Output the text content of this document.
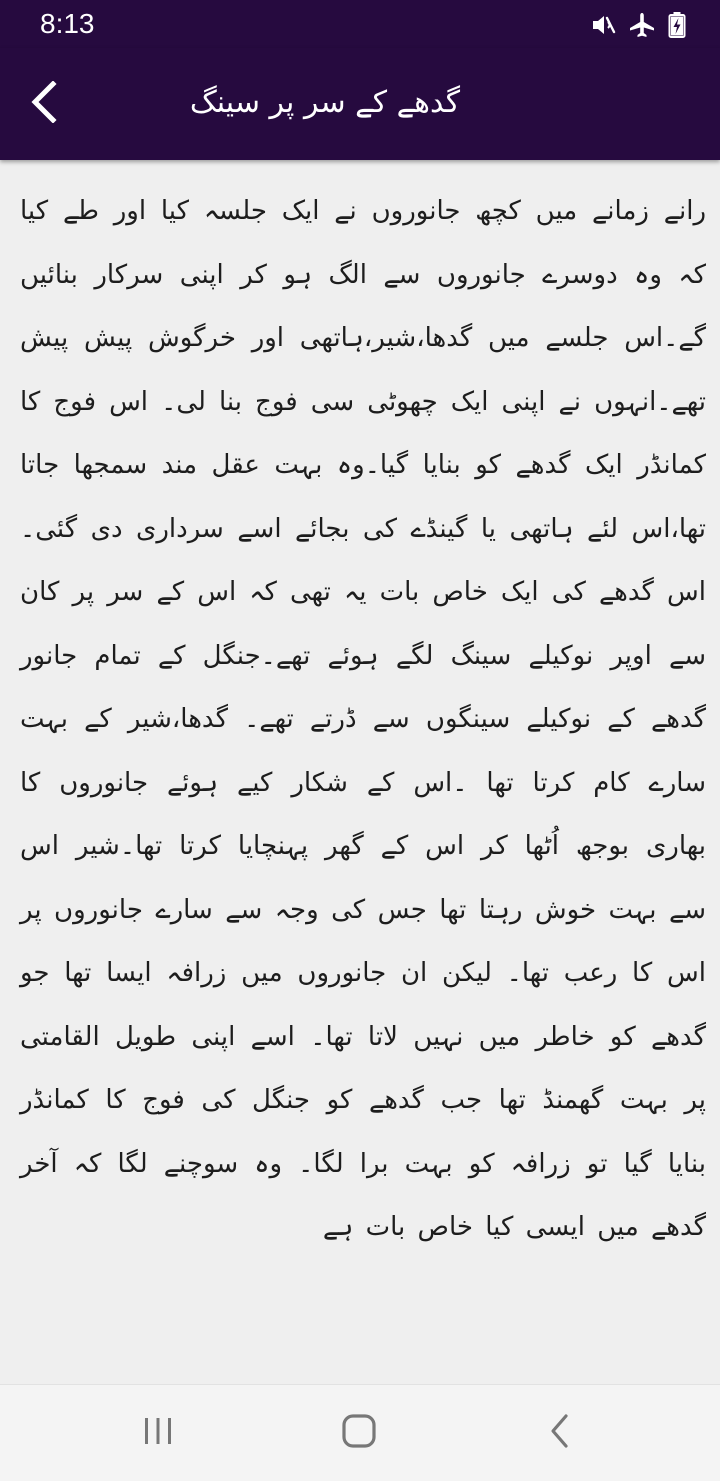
8:13
گدھے کے سر پر سینگ

رانے زمانے میں کچھ جانوروں نے ایک جلسہ کیا اور طے کیا کہ وہ دوسرے جانوروں سے الگ ہو کر اپنی سرکار بنائیں گے۔اس جلسے میں گدھا،شیر،ہاتھی اور خرگوش پیش پیش تھے۔انہوں نے اپنی ایک چھوٹی سی فوج بنا لی۔ اس فوج کا کمانڈر ایک گدھے کو بنایا گیا۔وہ بہت عقل مند سمجھا جاتا تھا،اس لئے ہاتھی یا گینڈے کی بجائے اسے سرداری دی گئی۔اس گدھے کی ایک خاص بات یہ تھی کہ اس کے سر پر کان سے اوپر نوکیلے سینگ لگے ہوئے تھے۔جنگل کے تمام جانور گدھے کے نوکیلے سینگوں سے ڈرتے تھے۔ گدھا،شیر کے بہت سارے کام کرتا تھا ۔اس کے شکار کیے ہوئے جانوروں کا بھاری بوجھ اُٹھا کر اس کے گھر پہنچایا کرتا تھا۔شیر اس سے بہت خوش رہتا تھا جس کی وجہ سے سارے جانوروں پر اس کا رعب تھا۔ لیکن ان جانوروں میں زرافہ ایسا تھا جو گدھے کو خاطر میں نہیں لاتا تھا۔ اسے اپنی طویل القامتی پر بہت گھمنڈ تھا جب گدھے کو جنگل کی فوج کا کمانڈر بنایا گیا تو زرافہ کو بہت برا لگا۔ وہ سوچنے لگا کہ آخر گدھے میں ایسی کیا خاص بات ہے
